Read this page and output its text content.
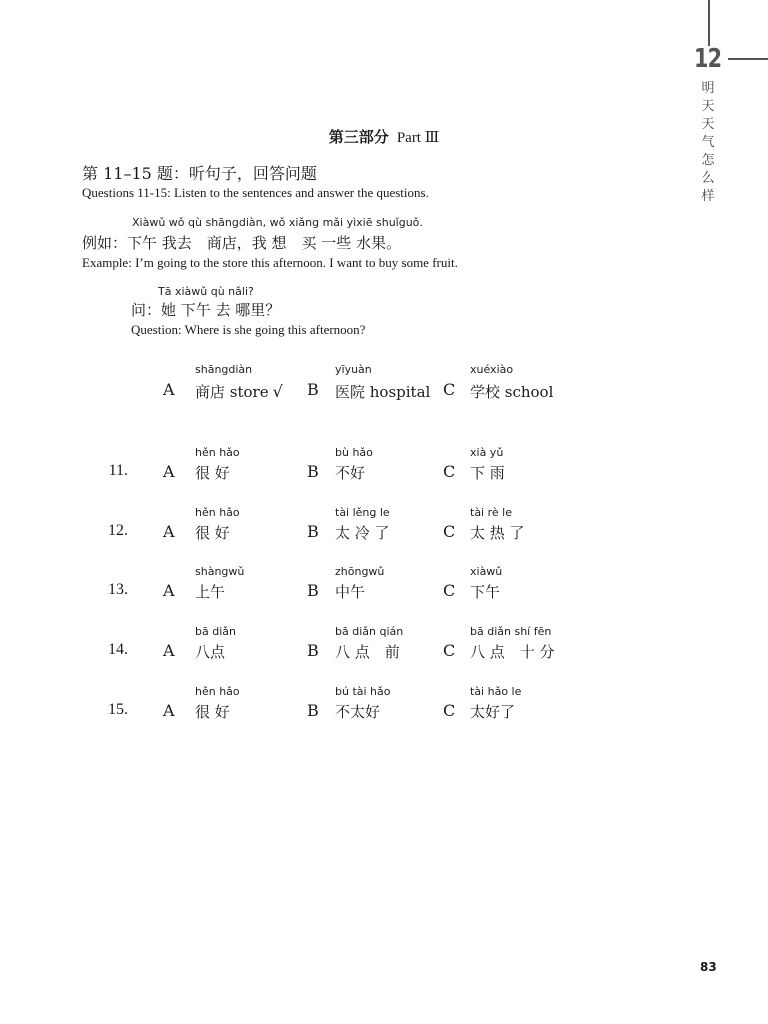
12
明天天气怎么样
第三部分 Part Ⅲ
第 11–15 题：听句子，回答问题
Questions 11-15: Listen to the sentences and answer the questions.
Xiàwǔ wǒ qù shāngdiàn, wǒ xiǎng mǎi yìxiē shuǐguǒ.
例如：下午 我去　商店，我 想　买 一些 水果。
Example: I’m going to the store this afternoon. I want to buy some fruit.
Tā xiàwǔ qù nǎli?
问：她 下午 去 哪里？
Question: Where is she going this afternoon?
shāngdiàn
A 商店 store √
yīyuàn
B 医院 hospital
xuéxiào
C 学校 school
11.
hěn hǎo
A 很 好
bù hǎo
B 不好
xià yǔ
C 下 雨
12.
hěn hǎo
A 很 好
tài lěng le
B 太 冷 了
tài rè le
C 太 热 了
13.
shàngwǔ
A 上午
zhōngwǔ
B 中午
xiàwǔ
C 下午
14.
bā diǎn
A 八点
bā diǎn qián
B 八 点　前
bā diǎn shí fēn
C 八 点　十 分
15.
hěn hǎo
A 很 好
bú tài hǎo
B 不太好
tài hǎo le
C 太好了
83
